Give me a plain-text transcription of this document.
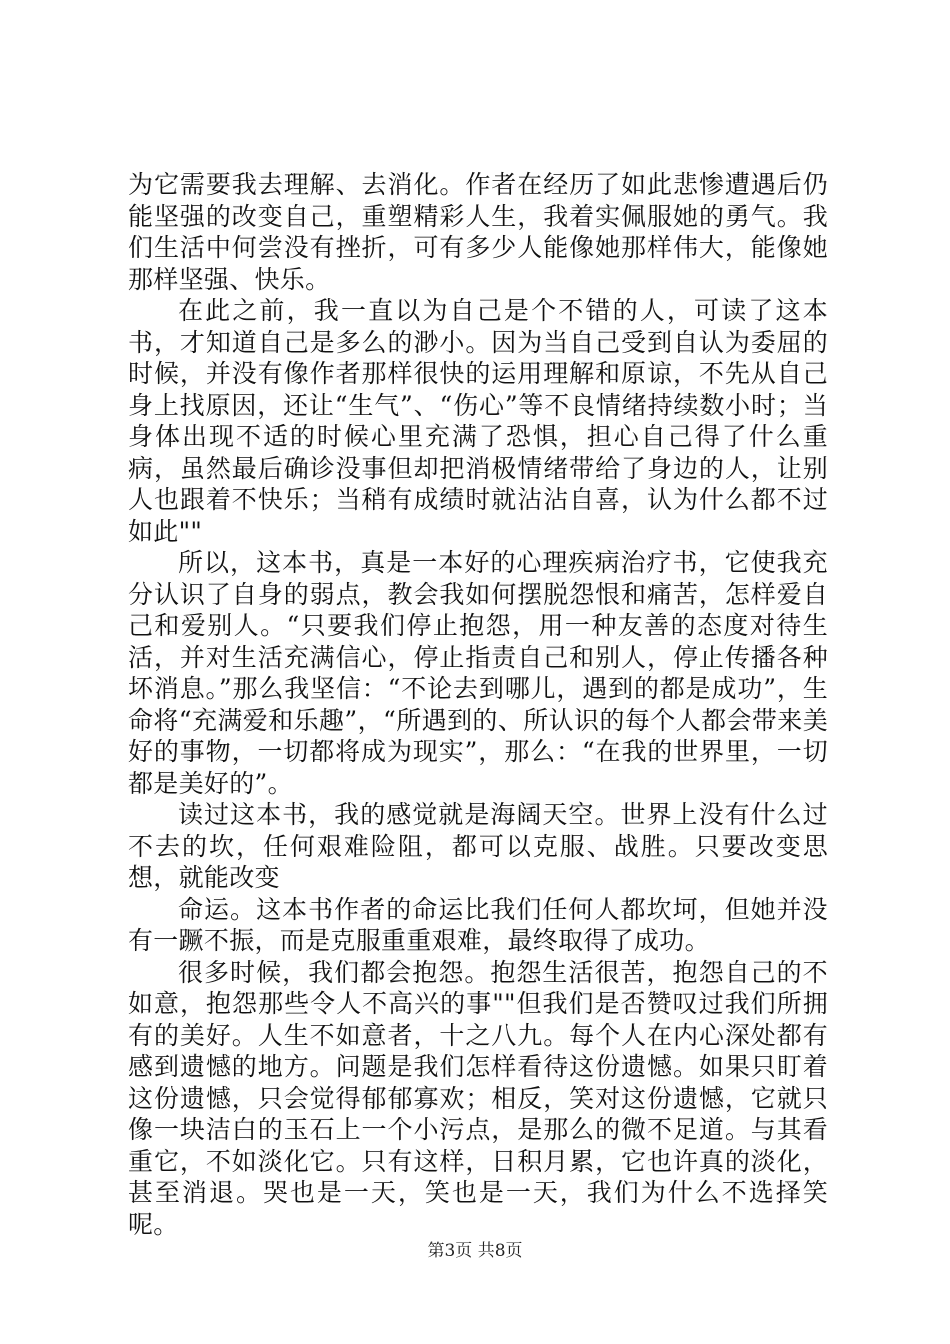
为它需要我去理解、去消化。作者在经历了如此悲惨遭遇后仍能坚强的改变自己，重塑精彩人生，我着实佩服她的勇气。我们生活中何尝没有挫折，可有多少人能像她那样伟大，能像她那样坚强、快乐。

在此之前，我一直以为自己是个不错的人，可读了这本书，才知道自己是多么的渺小。因为当自己受到自认为委屈的时候，并没有像作者那样很快的运用理解和原谅，不先从自己身上找原因，还让“生气”、“伤心”等不良情绪持续数小时；当身体出现不适的时候心里充满了恐惧，担心自己得了什么重病，虽然最后确诊没事但却把消极情绪带给了身边的人，让别人也跟着不快乐；当稍有成绩时就沾沾自喜，认为什么都不过如此""

所以，这本书，真是一本好的心理疾病治疗书，它使我充分认识了自身的弱点，教会我如何摆脱怨恨和痛苦，怎样爱自己和爱别人。“只要我们停止抱怨，用一种友善的态度对待生活，并对生活充满信心，停止指责自己和别人，停止传播各种坏消息。”那么我坚信：“不论去到哪儿，遇到的都是成功”，生命将“充满爱和乐趣”，“所遇到的、所认识的每个人都会带来美好的事物，一切都将成为现实”，那么：“在我的世界里，一切都是美好的”。

读过这本书，我的感觉就是海阔天空。世界上没有什么过不去的坎，任何艰难险阻，都可以克服、战胜。只要改变思想，就能改变

命运。这本书作者的命运比我们任何人都坎坷，但她并没有一蹶不振，而是克服重重艰难，最终取得了成功。

很多时候，我们都会抱怨。抱怨生活很苦，抱怨自己的不如意，抱怨那些令人不高兴的事""但我们是否赞叹过我们所拥有的美好。人生不如意者，十之八九。每个人在内心深处都有感到遗憾的地方。问题是我们怎样看待这份遗憾。如果只盯着这份遗憾，只会觉得郁郁寡欢；相反，笑对这份遗憾，它就只像一块洁白的玉石上一个小污点，是那么的微不足道。与其看重它，不如淡化它。只有这样，日积月累，它也许真的淡化，甚至消退。哭也是一天，笑也是一天，我们为什么不选择笑呢。

第3页 共8页
